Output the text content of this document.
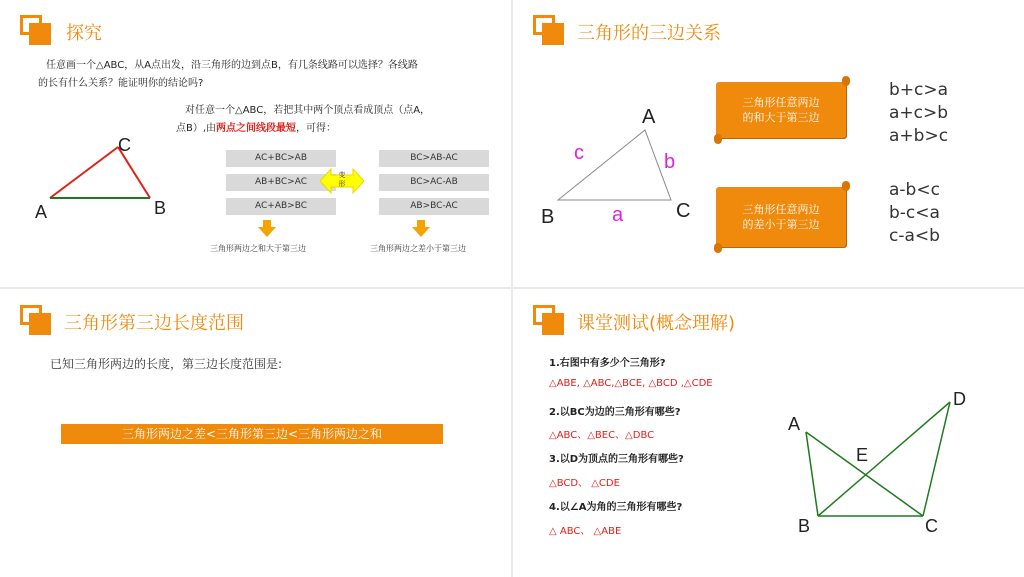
探究
任意画一个△ABC，从A点出发，沿三角形的边到点B，有几条线路可以选择？各线路
的长有什么关系？能证明你的结论吗?
对任意一个△ABC，若把其中两个顶点看成顶点（点A，
点B）,由两点之间线段最短，可得：
A	B
C
AC+BC>AB
AB+BC>AC
AC+AB>BC
BC>AB-AC
BC>AC-AB
AB>BC-AC
变形
三角形两边之和大于第三边	三角形两边之差小于第三边
三角形的三边关系
A
B	C
a
b
c
三角形任意两边
的和大于第三边
三角形任意两边
的差小于第三边
b+c>a
a+c>b
a+b>c
a-b<c
b-c<a
c-a<b
三角形第三边长度范围
已知三角形两边的长度，第三边长度范围是:
三角形两边之差<三角形第三边<三角形两边之和
课堂测试(概念理解)
1.右图中有多少个三角形?
△ABE, △ABC,△BCE, △BCD ,△CDE
2.以BC为边的三角形有哪些?
△ABC、△BEC、△DBC
3.以D为顶点的三角形有哪些?
△BCD、 △CDE
4.以∠A为角的三角形有哪些?
△ ABC、 △ABE
A
B	C
D
E
